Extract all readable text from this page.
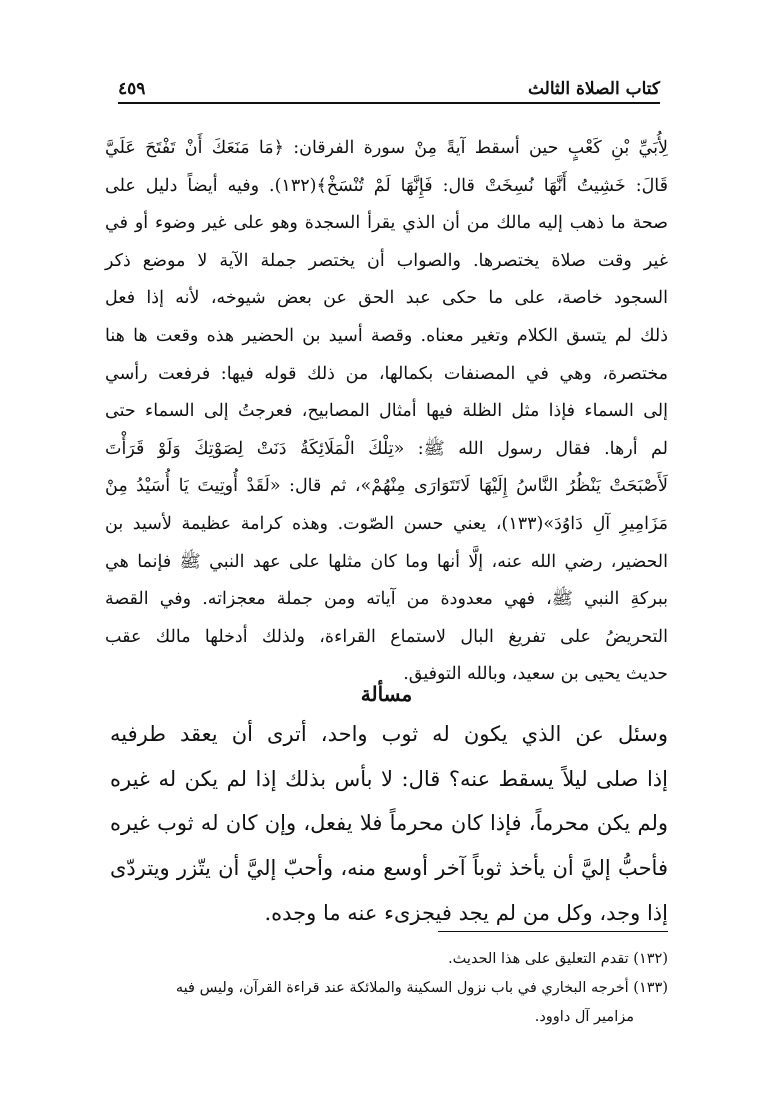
كتاب الصلاة الثالث
٤٥٩
لِأُبَيِّ بْنِ كَعْبٍ حين أسقط آيةً مِنْ سورة الفرقان: ﴿مَا مَنَعَكَ أَنْ تَفْتَحَ عَلَيَّ
قَالَ: خَشِيتُ أَنَّهَا نُسِخَتْ قال: فَإِنَّهَا لَمْ تُنْسَخْ﴾(١٣٢). وفيه أيضاً دليل على
صحة ما ذهب إليه مالك من أن الذي يقرأ السجدة وهو على غير وضوء أو في
غير وقت صلاة يختصرها. والصواب أن يختصر جملة الآية لا موضع ذكر
السجود خاصة، على ما حكى عبد الحق عن بعض شيوخه، لأنه إذا فعل
ذلك لم يتسق الكلام وتغير معناه. وقصة أسيد بن الحضير هذه وقعت ها هنا
مختصرة، وهي في المصنفات بكمالها، من ذلك قوله فيها: فرفعت رأسي
إلى السماء فإذا مثل الظلة فيها أمثال المصابيح، فعرجتُ إلى السماء حتى
لم أرها. فقال رسول الله ﷺ: «تِلْكَ الْمَلَائِكَةُ دَنَتْ لِصَوْتِكَ وَلَوْ قَرَأْتَ
لَأَصْبَحَتْ يَنْظُرُ النَّاسُ إِلَيْهَا لَاتَتَوَارَى مِنْهُمْ»، ثم قال: «لَقَدْ أُوتِيتَ يَا أُسَيْدُ مِنْ
مَزَامِيرِ آلِ دَاوُدَ»(١٣٣)، يعني حسن الصّوت. وهذه كرامة عظيمة لأسيد بن
الحضير، رضي الله عنه، إلَّا أنها وما كان مثلها على عهد النبي ﷺ فإنما هي
ببركةِ النبي ﷺ، فهي معدودة من آياته ومن جملة معجزاته. وفي القصة
التحريضُ على تفريغ البال لاستماع القراءة، ولذلك أدخلها مالك عقب
حديث يحيى بن سعيد، وبالله التوفيق.
مسألة
وسئل عن الذي يكون له ثوب واحد، أترى أن يعقد طرفيه
إذا صلى ليلاً يسقط عنه؟ قال: لا بأس بذلك إذا لم يكن له غيره
ولم يكن محرماً، فإذا كان محرماً فلا يفعل، وإن كان له ثوب غيره
فأحبُّ إليَّ أن يأخذ ثوباً آخر أوسع منه، وأحبّ إليَّ أن يتّزر ويتردّى
إذا وجد، وكل من لم يجد فيجزىء عنه ما وجده.
(١٣٢) تقدم التعليق على هذا الحديث.
(١٣٣) أخرجه البخاري في باب نزول السكينة والملائكة عند قراءة القرآن، وليس فيه
مزامير آل داوود.
